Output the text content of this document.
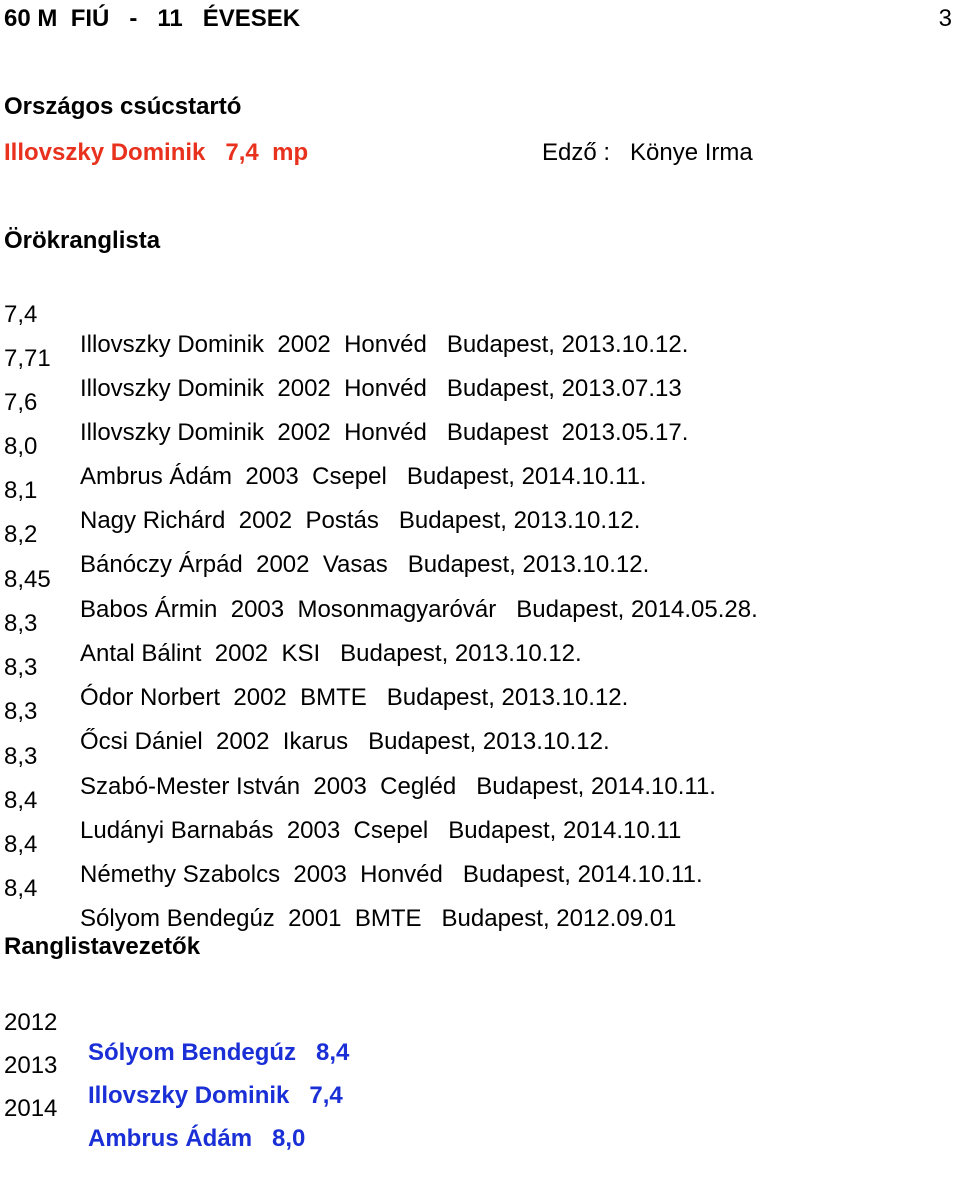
60 M  FIÚ   -   11   ÉVESEK	3
Országos csúcstartó
Illovszky Dominik   7,4  mp	Edző :   Könye Irma
Örökranglista

7,4

Illovszky Dominik  2002  Honvéd   Budapest, 2013.10.12.

7,71

Illovszky Dominik  2002  Honvéd   Budapest, 2013.07.13

7,6

Illovszky Dominik  2002  Honvéd   Budapest  2013.05.17.

8,0

Ambrus Ádám  2003  Csepel   Budapest, 2014.10.11.

8,1

Nagy Richárd  2002  Postás   Budapest, 2013.10.12.

8,2

Bánóczy Árpád  2002  Vasas   Budapest, 2013.10.12.

8,45

Babos Ármin  2003  Mosonmagyaróvár   Budapest, 2014.05.28.

8,3

Antal Bálint  2002  KSI   Budapest, 2013.10.12.

8,3

Ódor Norbert  2002  BMTE   Budapest, 2013.10.12.

8,3

Őcsi Dániel  2002  Ikarus   Budapest, 2013.10.12.

8,3

Szabó-Mester István  2003  Cegléd   Budapest, 2014.10.11.

8,4

Ludányi Barnabás  2003  Csepel   Budapest, 2014.10.11

8,4

Némethy Szabolcs  2003  Honvéd   Budapest, 2014.10.11.

8,4

Sólyom Bendegúz  2001  BMTE   Budapest, 2012.09.01

Ranglistavezetők

2012

Sólyom Bendegúz   8,4

2013

Illovszky Dominik   7,4

2014

Ambrus Ádám   8,0
